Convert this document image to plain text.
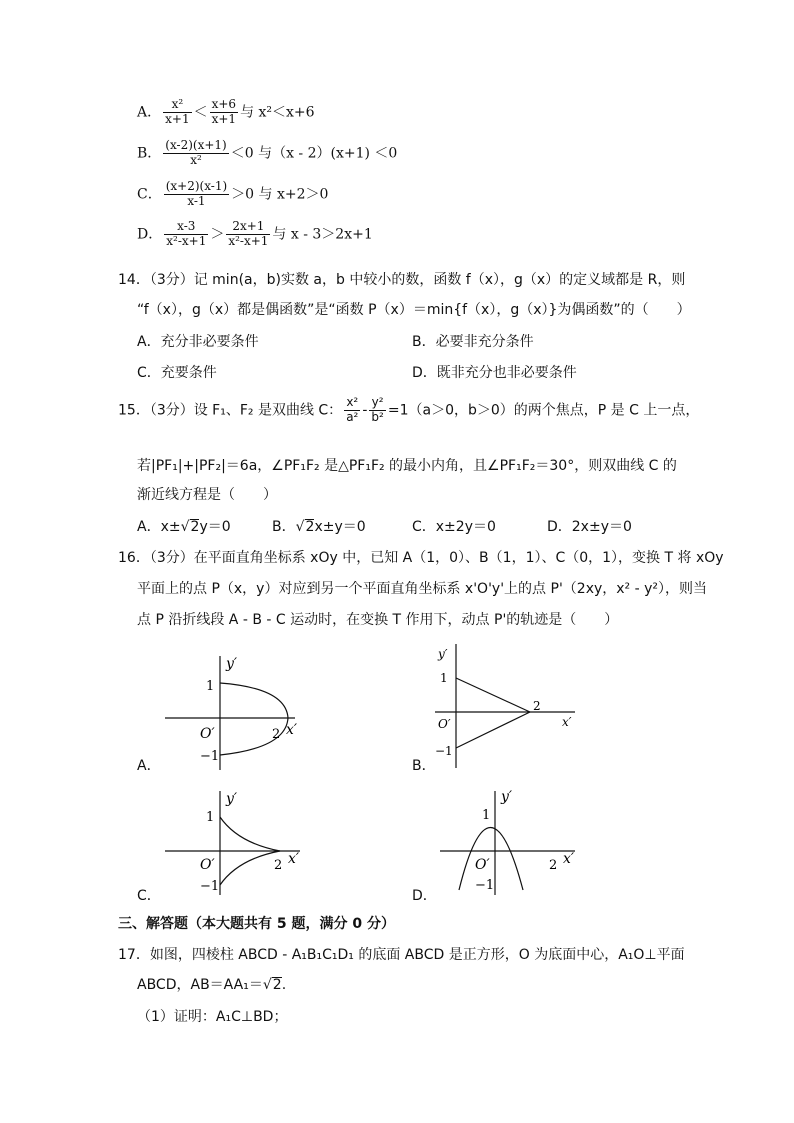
A． $\frac{\text{x²}}{x+1} < \frac{x+6}{x+1}$ 与 x²＜x+6
B． $\frac{(x-2)(x+1)}{\text{x²}} <0$ 与（x - 2）(x+1) ＜0
C． $\frac{(x+2)(x-1)}{x-1} >0$ 与 x+2＞0
D． $\frac{x-3}{\text{x²-x+1}} > \frac{2x+1}{\text{x²-x+1}}$ 与 x - 3＞2x+1
14．（3分）记 min(a，b)实数 a，b 中较小的数，函数 f（x），g（x）的定义域都是 R，则
“f（x），g（x）都是偶函数”是“函数 P（x）＝min{f（x），g（x）}为偶函数”的（　　）
A．充分非必要条件	B．必要非充分条件
C．充要条件	D．既非充分也非必要条件
15．（3分）设 F₁、F₂ 是双曲线 C： $\frac{\text{x²}}{\text{a²}} - \frac{\text{y²}}{\text{b²}} =1(a>0$，b＞0）的两个焦点，P 是 C 上一点，
若|PF₁|+|PF₂|＝6a，∠PF₁F₂ 是△PF₁F₂ 的最小内角，且∠PF₁F₂＝30°，则双曲线 C 的
渐近线方程是（　　）
A．x±√2y＝0	B．√2x±y＝0	C．x±2y＝0	D．2x±y＝0
16．（3分）在平面直角坐标系 xOy 中，已知 A（1，0）、B（1，1）、C（0，1），变换 T 将 xOy
平面上的点 P（x，y）对应到另一个平面直角坐标系 x'O'y'上的点 P'（2xy，x² - y²），则当
点 P 沿折线段 A - B - C 运动时，在变换 T 作用下，动点 P'的轨迹是（　　）
A．
y′
1
O′	2 x′
−1
B．
y′
1
O′
2
x′
−1
C．
y′
1
O′	2 x′
−1
D．
y′
1
O′	2 x′
−1
三、解答题（本大题共有 5 题，满分 0 分）
17．如图，四棱柱 ABCD - A₁B₁C₁D₁ 的底面 ABCD 是正方形，O 为底面中心，A₁O⊥平面
ABCD，AB＝AA₁＝√2.
（1）证明：A₁C⊥BD；
